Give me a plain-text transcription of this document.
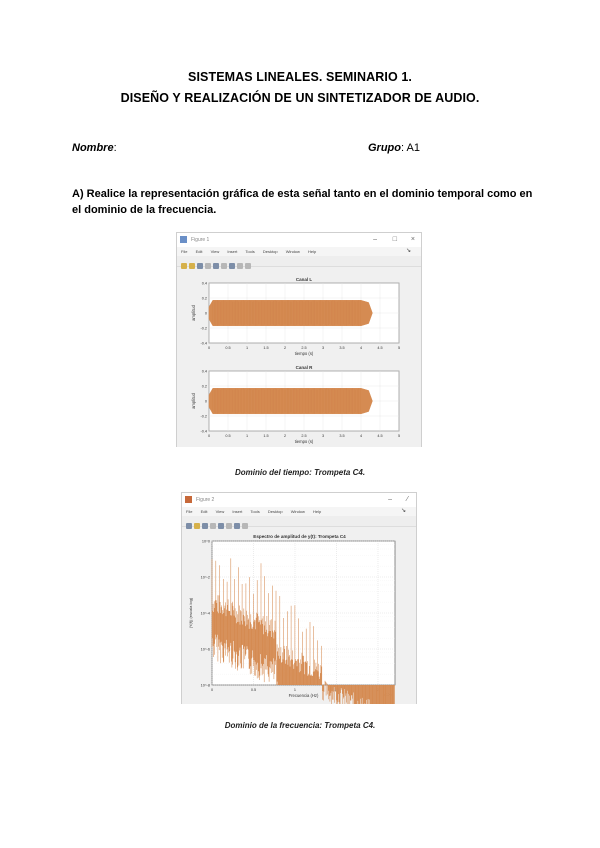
SISTEMAS LINEALES. SEMINARIO 1.
DISEÑO Y REALIZACIÓN DE UN SINTETIZADOR DE AUDIO.
Nombre:	Grupo: A1
A) Realice la representación gráfica de esta señal tanto en el dominio temporal como en el dominio de la frecuencia.
Figure 1	– □ ×
File Edit View Insert Tools Desktop Window Help	↘
0	0.5	1	1.5	2	2.5	3	3.5	4	4.5	5
-0.4
-0.2
0
0.2
0.4
Canal L
tiempo (s)
amplitud
0	0.5	1	1.5	2	2.5	3	3.5	4	4.5	5
-0.4
-0.2
0
0.2
0.4
Canal R
tiempo (s)
amplitud
Dominio del tiempo: Trompeta C4.
Figure 2	– ⁄
File Edit View Insert Tools Desktop Window Help	↘
10^0
10^-2
10^-4
10^-6
10^-8
0	0.5	1	1.5	2
x 10^4
Espectro de amplitud de y(t): Trompeta C4
Frecuencia (Hz)
|Y(f)| (escala log)
Dominio de la frecuencia: Trompeta C4.
